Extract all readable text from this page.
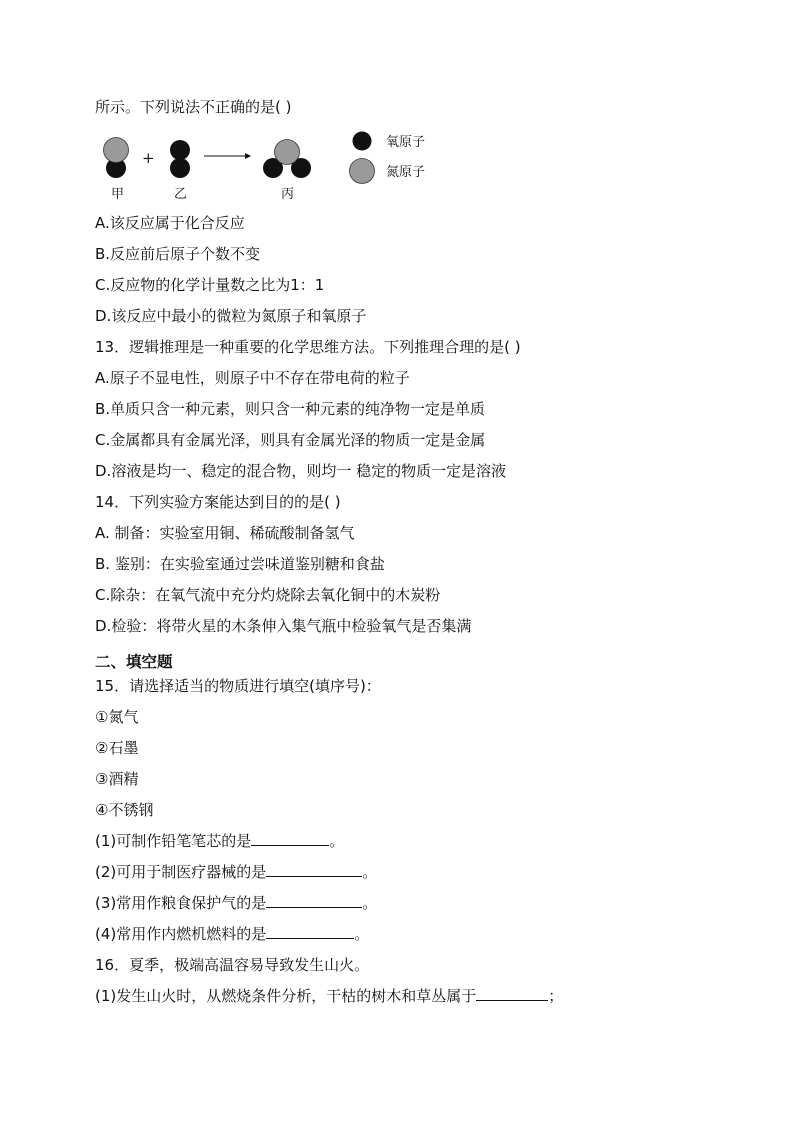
所示。下列说法不正确的是( )
甲
+
乙	丙
氧原子
氮原子
A.该反应属于化合反应
B.反应前后原子个数不变
C.反应物的化学计量数之比为1：1
D.该反应中最小的微粒为氮原子和氧原子
13．逻辑推理是一种重要的化学思维方法。下列推理合理的是( )
A.原子不显电性，则原子中不存在带电荷的粒子
B.单质只含一种元素，则只含一种元素的纯净物一定是单质
C.金属都具有金属光泽，则具有金属光泽的物质一定是金属
D.溶液是均一、稳定的混合物，则均一 稳定的物质一定是溶液
14．下列实验方案能达到目的的是( )
A. 制备：实验室用铜、稀硫酸制备氢气
B. 鉴别：在实验室通过尝味道鉴别糖和食盐
C.除杂：在氧气流中充分灼烧除去氧化铜中的木炭粉
D.检验：将带火星的木条伸入集气瓶中检验氧气是否集满
二、填空题
15．请选择适当的物质进行填空(填序号)：
①氮气
②石墨
③酒精
④不锈钢
(1)可制作铅笔笔芯的是	。
(2)可用于制医疗器械的是	。
(3)常用作粮食保护气的是	。
(4)常用作内燃机燃料的是	。
16．夏季，极端高温容易导致发生山火。
(1)发生山火时，从燃烧条件分析，干枯的树木和草丛属于	；
